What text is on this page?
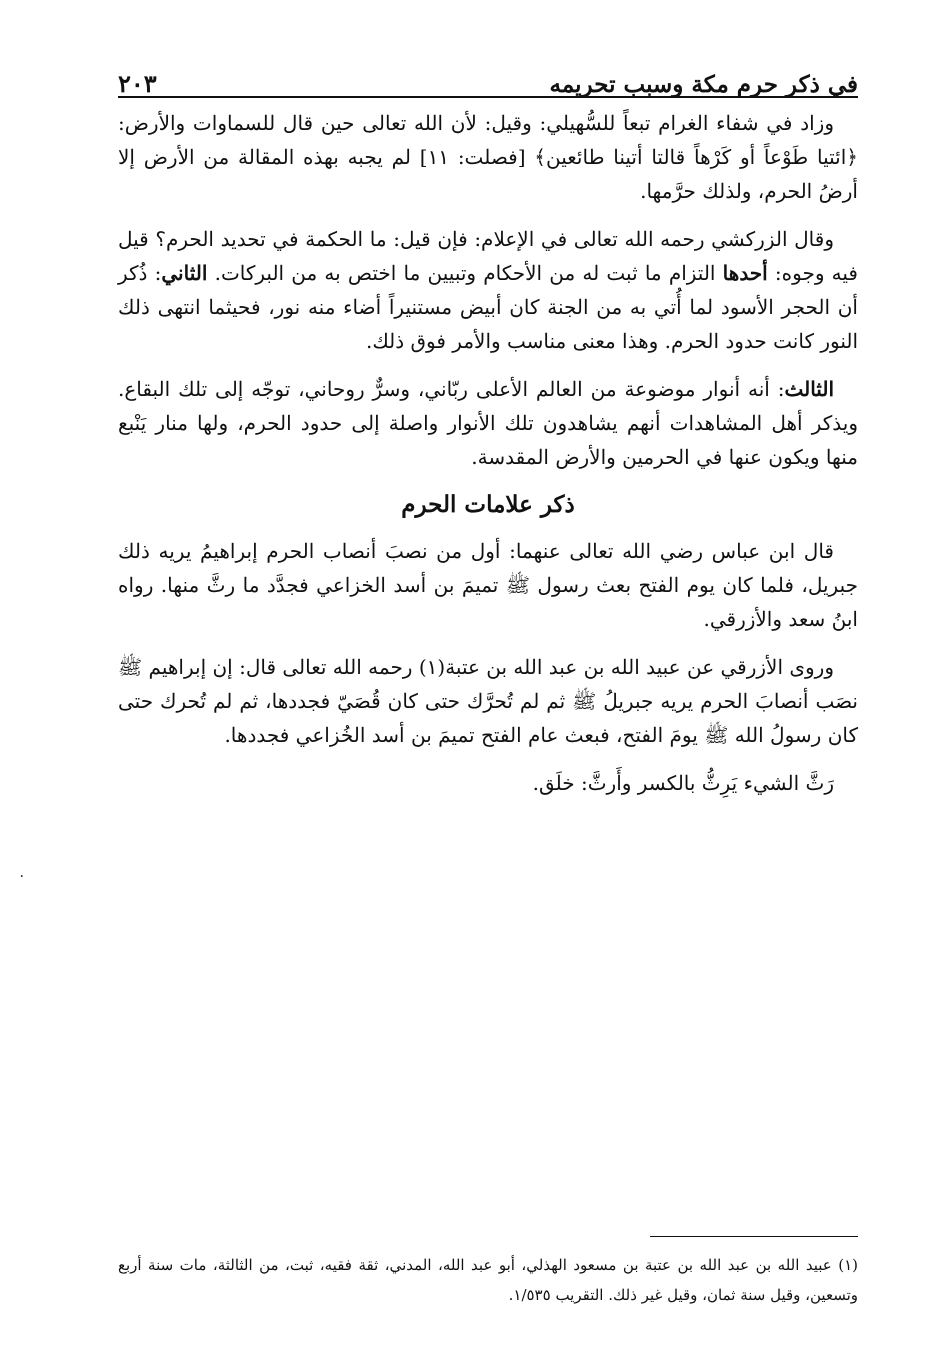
في ذكر حرم مكة وسبب تحريمه
٢٠٣

وزاد في شفاء الغرام تبعاً للسُّهيلي: وقيل: لأن الله تعالى حين قال للسماوات والأرض: ﴿ائتيا طَوْعاً أو كَرْهاً قالتا أتينا طائعين﴾ [فصلت: ١١] لم يجبه بهذه المقالة من الأرض إلا أرضُ الحرم، ولذلك حرَّمها.

وقال الزركشي رحمه الله تعالى في الإعلام: فإن قيل: ما الحكمة في تحديد الحرم؟ قيل فيه وجوه: أحدها التزام ما ثبت له من الأحكام وتبيين ما اختص به من البركات. الثاني: ذُكر أن الحجر الأسود لما أُتي به من الجنة كان أبيض مستنيراً أضاء منه نور، فحيثما انتهى ذلك النور كانت حدود الحرم. وهذا معنى مناسب والأمر فوق ذلك.

الثالث: أنه أنوار موضوعة من العالم الأعلى ربّاني، وسرٌّ روحاني، توجّه إلى تلك البقاع. ويذكر أهل المشاهدات أنهم يشاهدون تلك الأنوار واصلة إلى حدود الحرم، ولها منار يَنْبع منها ويكون عنها في الحرمين والأرض المقدسة.

ذكر علامات الحرم

قال ابن عباس رضي الله تعالى عنهما: أول من نصبَ أنصاب الحرم إبراهيمُ يريه ذلك جبريل، فلما كان يوم الفتح بعث رسول ﷺ تميمَ بن أسد الخزاعي فجدَّد ما رثَّ منها. رواه ابنُ سعد والأزرقي.

وروى الأزرقي عن عبيد الله بن عبد الله بن عتبة(١) رحمه الله تعالى قال: إن إبراهيم ﷺ نصَب أنصابَ الحرم يريه جبريلُ ﷺ ثم لم تُحرَّك حتى كان قُصَيّ فجددها، ثم لم تُحرك حتى كان رسولُ الله ﷺ يومَ الفتح، فبعث عام الفتح تميمَ بن أسد الخُزاعي فجددها.

رَثَّ الشيء يَرِثُّ بالكسر وأَرثَّ: خلَق.

٠

(١) عبيد الله بن عبد الله بن عتبة بن مسعود الهذلي، أبو عبد الله، المدني، ثقة فقيه، ثبت، من الثالثة، مات سنة أربع وتسعين، وقيل سنة ثمان، وقيل غير ذلك. التقريب ١/٥٣٥.
